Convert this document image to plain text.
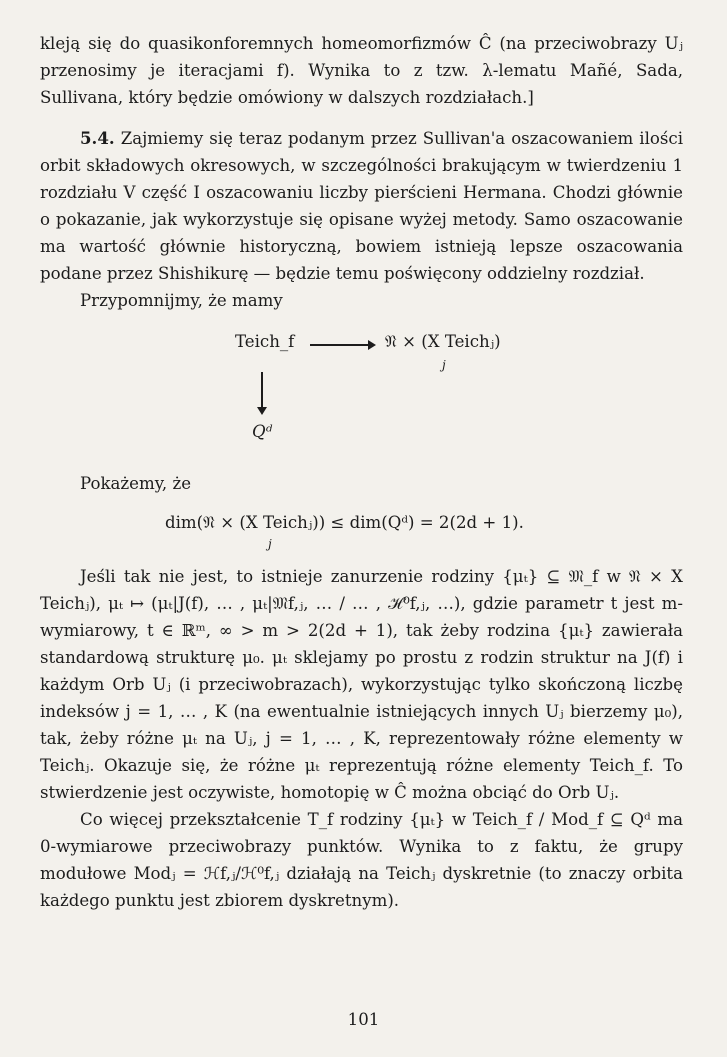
kleją się do quasikonforemnych homeomorfizmów Ĉ (na przeciwobrazy Uⱼ przenosimy je iteracjami f). Wynika to z tzw. λ-lematu Mañé, Sada, Sullivana, który będzie omówiony w dalszych rozdziałach.]

5.4. Zajmiemy się teraz podanym przez Sullivan'a oszacowaniem ilości orbit składowych okresowych, w szczególności brakującym w twierdzeniu 1 rozdziału V część I oszacowaniu liczby pierścieni Hermana. Chodzi głównie o pokazanie, jak wykorzystuje się opisane wyżej metody. Samo oszacowanie ma wartość głównie historyczną, bowiem istnieją lepsze oszacowania podane przez Shishikurę — będzie temu poświęcony oddzielny rozdział.

Przypomnijmy, że mamy

Teich_f	𝔑 × (X Teichⱼ)
j
Qᵈ

Pokażemy, że

dim(𝔑 × (X Teichⱼ)) ≤ dim(Qᵈ) = 2(2d + 1).
j

Jeśli tak nie jest, to istnieje zanurzenie rodziny {μₜ} ⊆ 𝔐_f w 𝔑 × X Teichⱼ), μₜ ↦ (μₜ|J(f), … , μₜ|𝔐f,ⱼ, … / … , ℋ⁰f,ⱼ, …), gdzie parametr t jest m-wymiarowy, t ∈ ℝᵐ, ∞ > m > 2(2d + 1), tak żeby rodzina {μₜ} zawierała standardową strukturę μ₀. μₜ sklejamy po prostu z rodzin struktur na J(f) i każdym Orb Uⱼ (i przeciwobrazach), wykorzystując tylko skończoną liczbę indeksów j = 1, … , K (na ewentualnie istniejących innych Uⱼ bierzemy μ₀), tak, żeby różne μₜ na Uⱼ, j = 1, … , K, reprezentowały różne elementy w Teichⱼ. Okazuje się, że różne μₜ reprezentują różne elementy Teich_f. To stwierdzenie jest oczywiste, homotopię w Ĉ można obciąć do Orb Uⱼ.

Co więcej przekształcenie T_f rodziny {μₜ} w Teich_f / Mod_f ⊆ Qᵈ ma 0-wymiarowe przeciwobrazy punktów. Wynika to z faktu, że grupy modułowe Modⱼ = ℋf,ⱼ/ℋ⁰f,ⱼ działają na Teichⱼ dyskretnie (to znaczy orbita każdego punktu jest zbiorem dyskretnym).

101
